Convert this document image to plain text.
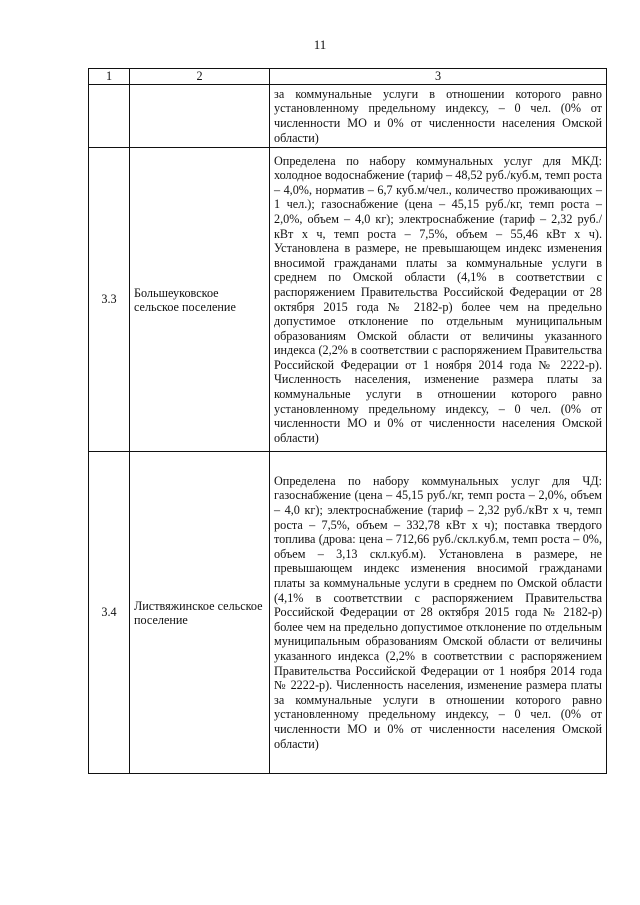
11
1	2	3
		за коммунальные услуги в отношении которого равно установленному предельному индексу, – 0 чел. (0% от численности МО и 0% от численности населения Омской области)
3.3	Большеуковское сельское поселение	Определена по набору коммунальных услуг для МКД: холодное водоснабжение (тариф – 48,52 руб./куб.м, темп роста – 4,0%, норматив – 6,7 куб.м/чел., количество проживающих – 1 чел.); газоснабжение (цена – 45,15 руб./кг, темп роста – 2,0%, объем – 4,0 кг); электроснабжение (тариф – 2,32 руб./кВт х ч, темп роста – 7,5%, объем – 55,46 кВт х ч). Установлена в размере, не превышающем индекс изменения вносимой гражданами платы за коммунальные услуги в среднем по Омской области (4,1% в соответствии с распоряжением Правительства Российской Федерации от 28 октября 2015 года № 2182-р) более чем на предельно допустимое отклонение по отдельным муниципальным образованиям Омской области от величины указанного индекса (2,2% в соответствии с распоряжением Правительства Российской Федерации от 1 ноября 2014 года № 2222-р). Численность населения, изменение размера платы за коммунальные услуги в отношении которого равно установленному предельному индексу, – 0 чел. (0% от численности МО и 0% от численности населения Омской области)
3.4	Листвяжинское сельское поселение	Определена по набору коммунальных услуг для ЧД: газоснабжение (цена – 45,15 руб./кг, темп роста – 2,0%, объем – 4,0 кг); электроснабжение (тариф – 2,32 руб./кВт х ч, темп роста – 7,5%, объем – 332,78 кВт х ч); поставка твердого топлива (дрова: цена – 712,66 руб./скл.куб.м, темп роста – 0%, объем – 3,13 скл.куб.м). Установлена в размере, не превышающем индекс изменения вносимой гражданами платы за коммунальные услуги в среднем по Омской области (4,1% в соответствии с распоряжением Правительства Российской Федерации от 28 октября 2015 года № 2182-р) более чем на предельно допустимое отклонение по отдельным муниципальным образованиям Омской области от величины указанного индекса (2,2% в соответствии с распоряжением Правительства Российской Федерации от 1 ноября 2014 года № 2222-р). Численность населения, изменение размера платы за коммунальные услуги в отношении которого равно установленному предельному индексу, – 0 чел. (0% от численности МО и 0% от численности населения Омской области)
